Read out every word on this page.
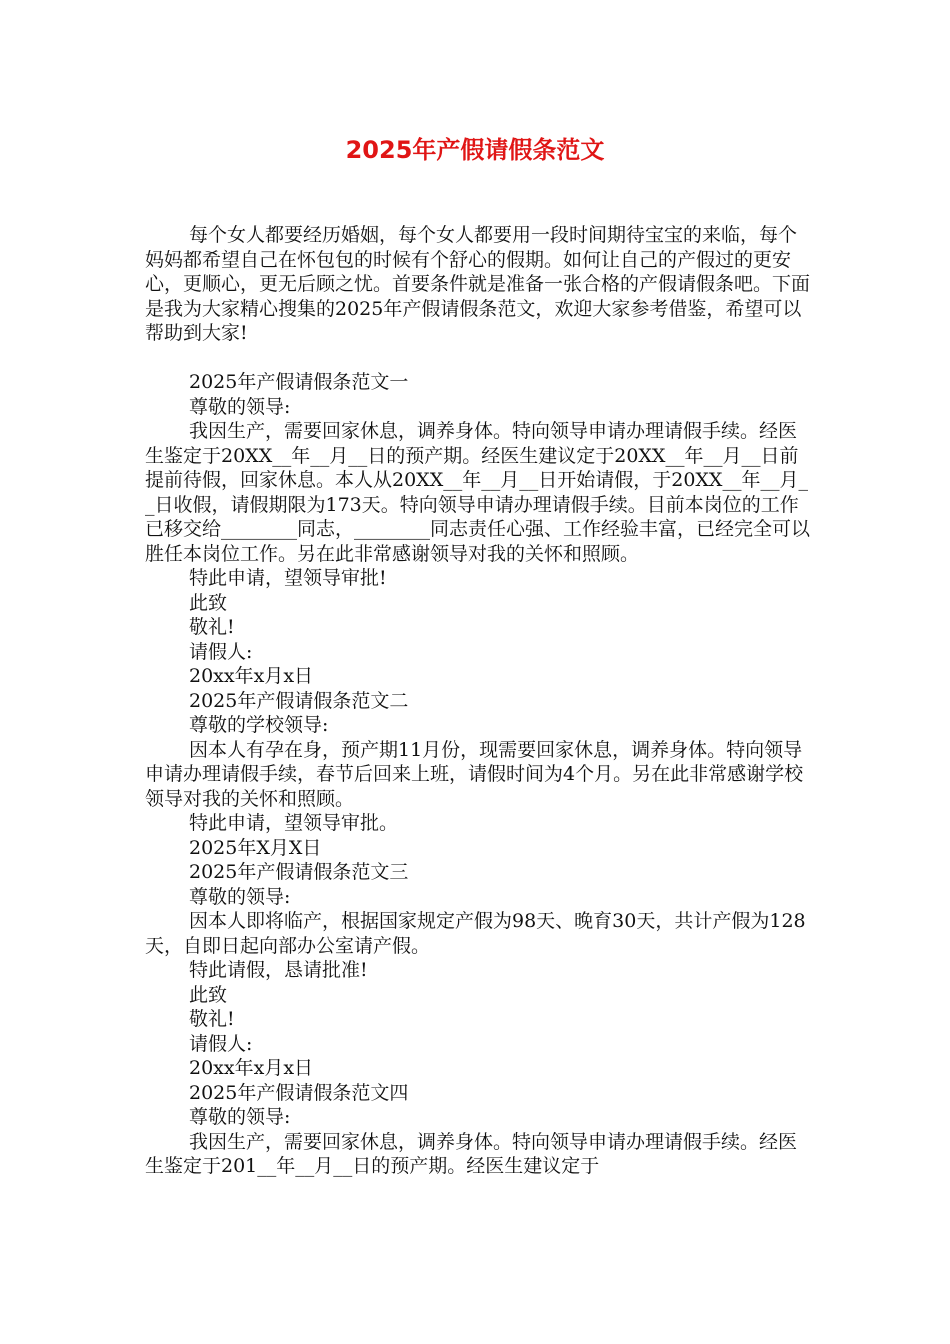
2025年产假请假条范文

每个女人都要经历婚姻，每个女人都要用一段时间期待宝宝的来临，每个妈妈都希望自己在怀包包的时候有个舒心的假期。如何让自己的产假过的更安心，更顺心，更无后顾之忧。首要条件就是准备一张合格的产假请假条吧。下面是我为大家精心搜集的2025年产假请假条范文，欢迎大家参考借鉴，希望可以帮助到大家!

2025年产假请假条范文一

尊敬的领导:

我因生产，需要回家休息，调养身体。特向领导申请办理请假手续。经医生鉴定于20XX__年__月__日的预产期。经医生建议定于20XX__年__月__日前提前待假，回家休息。本人从20XX__年__月__日开始请假，于20XX__年__月__日收假，请假期限为173天。特向领导申请办理请假手续。目前本岗位的工作已移交给________同志，________同志责任心强、工作经验丰富，已经完全可以胜任本岗位工作。另在此非常感谢领导对我的关怀和照顾。

特此申请，望领导审批!

此致

敬礼!

请假人:

20xx年x月x日

2025年产假请假条范文二

尊敬的学校领导:

因本人有孕在身，预产期11月份，现需要回家休息，调养身体。特向领导申请办理请假手续，春节后回来上班，请假时间为4个月。另在此非常感谢学校领导对我的关怀和照顾。

特此申请，望领导审批。

2025年X月X日

2025年产假请假条范文三

尊敬的领导:

因本人即将临产，根据国家规定产假为98天、晚育30天，共计产假为128天，自即日起向部办公室请产假。

特此请假，恳请批准!

此致

敬礼!

请假人:

20xx年x月x日

2025年产假请假条范文四

尊敬的领导:

我因生产，需要回家休息，调养身体。特向领导申请办理请假手续。经医生鉴定于201__年__月__日的预产期。经医生建议定于
